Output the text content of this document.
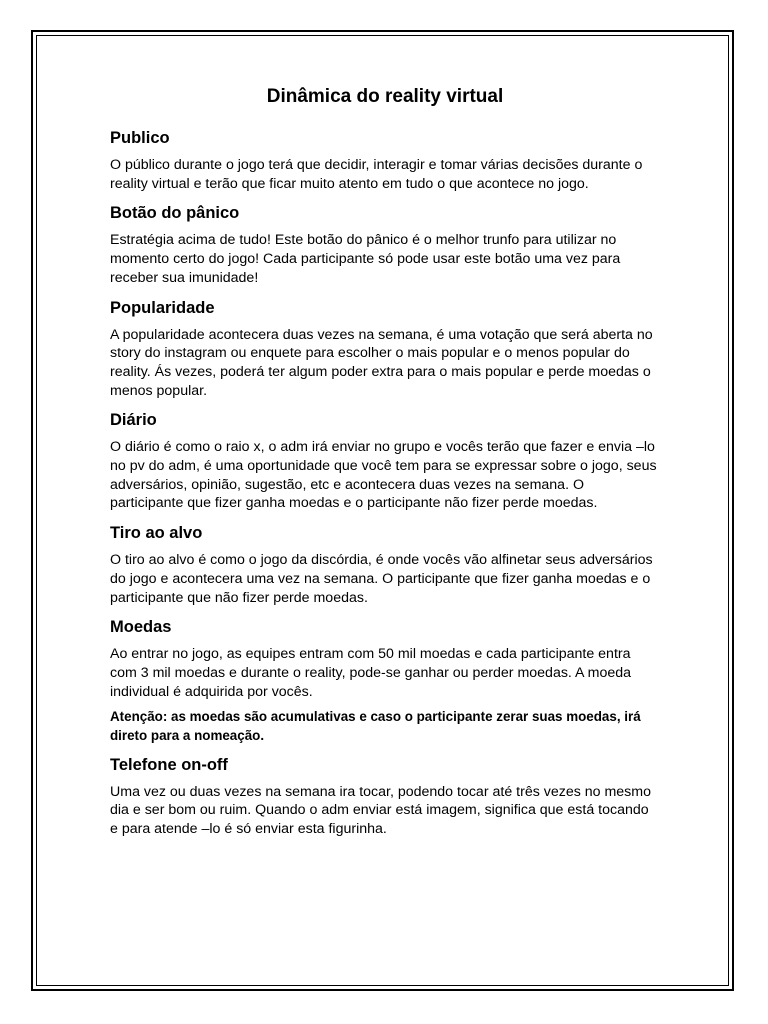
Dinâmica do reality virtual
Publico

O público durante o jogo terá que decidir, interagir e tomar várias decisões durante o reality virtual e terão que ficar muito atento em tudo o que acontece no jogo.

Botão do pânico

Estratégia acima de tudo! Este botão do pânico é o melhor trunfo para utilizar no momento certo do jogo! Cada participante só pode usar este botão uma vez para receber sua imunidade!

Popularidade

A popularidade acontecera duas vezes na semana, é uma votação que será aberta no story do instagram ou enquete para escolher o mais popular e o menos popular do reality. Ás vezes, poderá ter algum poder extra para o mais popular e perde moedas o menos popular.

Diário

O diário é como o raio x, o adm irá enviar no grupo e vocês terão que fazer e envia –lo no pv do adm, é uma oportunidade que você tem para se expressar sobre o jogo, seus adversários, opinião, sugestão, etc e acontecera duas vezes na semana. O participante que fizer ganha moedas e o participante não fizer perde moedas.

Tiro ao alvo

O tiro ao alvo é como o jogo da discórdia, é onde vocês vão alfinetar seus adversários do jogo e acontecera uma vez na semana. O participante que fizer ganha moedas e o participante que não fizer perde moedas.

Moedas

Ao entrar no jogo, as equipes entram com 50 mil moedas e cada participante entra com 3 mil moedas e durante o reality, pode-se ganhar ou perder moedas. A moeda individual é adquirida por vocês.

Atenção: as moedas são acumulativas e caso o participante zerar suas moedas, irá direto para a nomeação.

Telefone on-off

Uma vez ou duas vezes na semana ira tocar, podendo tocar até três vezes no mesmo dia e ser bom ou ruim. Quando o adm enviar está imagem, significa que está tocando e para atende –lo é só enviar esta figurinha.
